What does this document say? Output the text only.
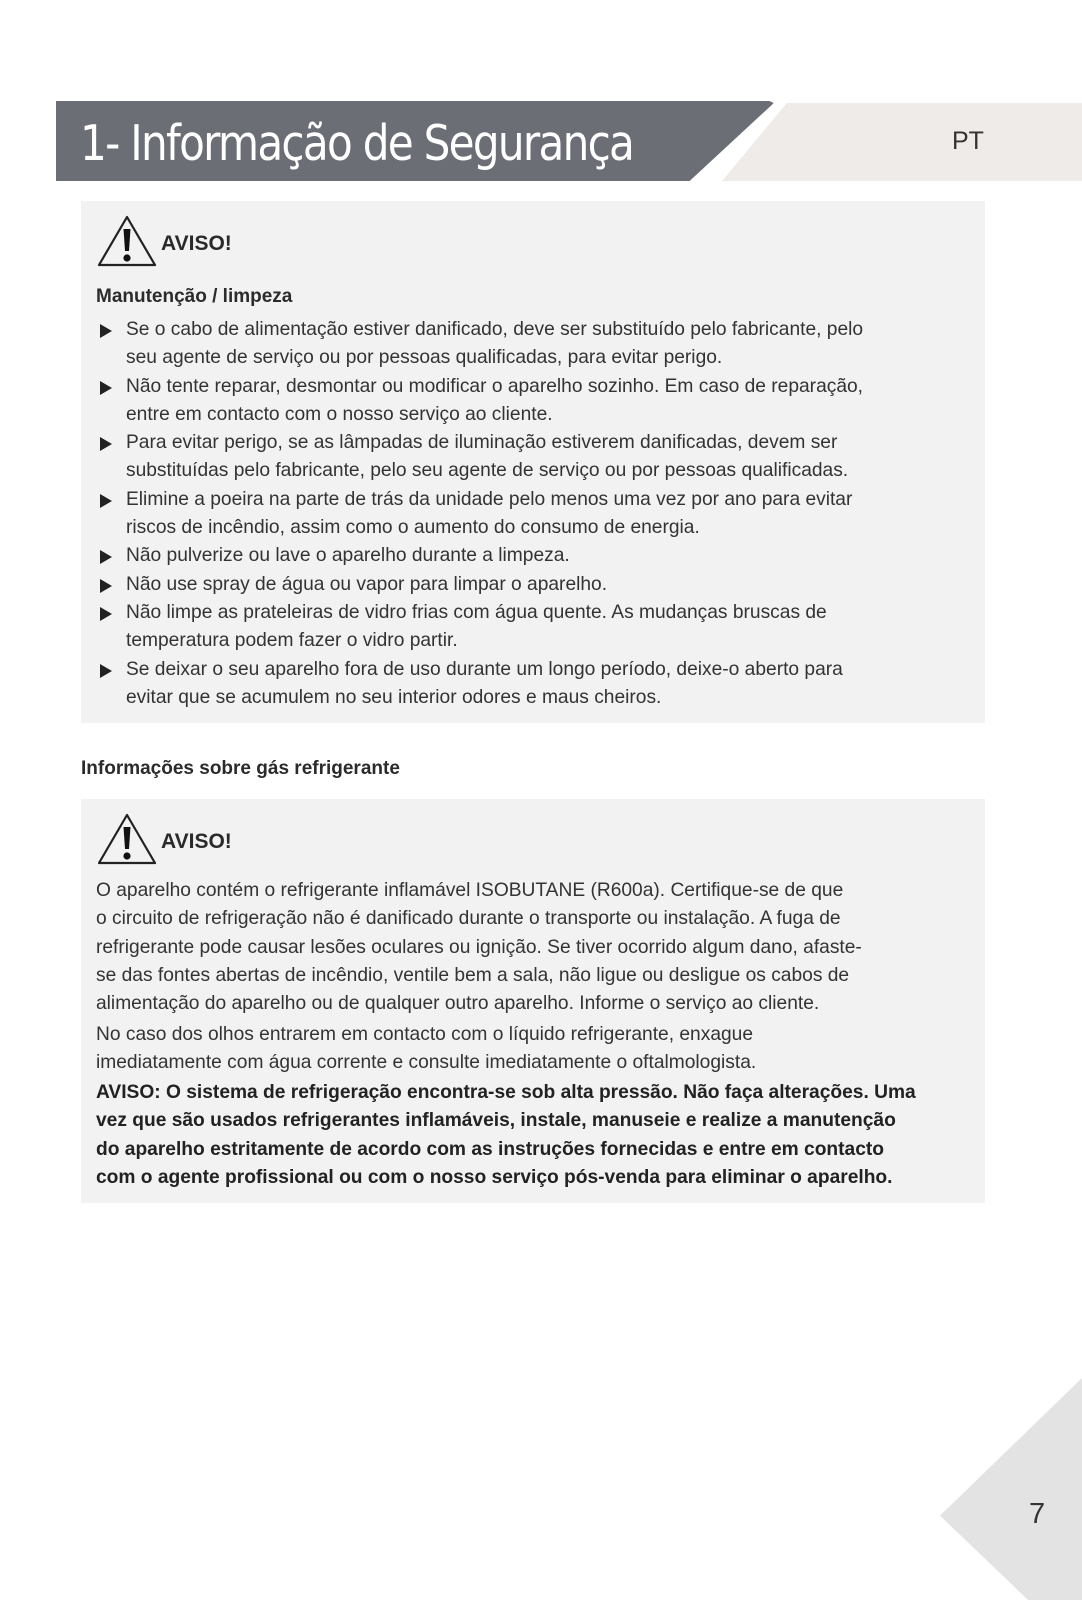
1- Informação de Segurança	PT
AVISO!
Manutenção / limpeza
Se o cabo de alimentação estiver danificado, deve ser substituído pelo fabricante, pelo
seu agente de serviço ou por pessoas qualificadas, para evitar perigo.
Não tente reparar, desmontar ou modificar o aparelho sozinho. Em caso de reparação,
entre em contacto com o nosso serviço ao cliente.
Para evitar perigo, se as lâmpadas de iluminação estiverem danificadas, devem ser
substituídas pelo fabricante, pelo seu agente de serviço ou por pessoas qualificadas.
Elimine a poeira na parte de trás da unidade pelo menos uma vez por ano para evitar
riscos de incêndio, assim como o aumento do consumo de energia.
Não pulverize ou lave o aparelho durante a limpeza.
Não use spray de água ou vapor para limpar o aparelho.
Não limpe as prateleiras de vidro frias com água quente. As mudanças bruscas de
temperatura podem fazer o vidro partir.
Se deixar o seu aparelho fora de uso durante um longo período, deixe-o aberto para
evitar que se acumulem no seu interior odores e maus cheiros.
Informações sobre gás refrigerante
AVISO!

O aparelho contém o refrigerante inflamável ISOBUTANE (R600a). Certifique-se de que
o circuito de refrigeração não é danificado durante o transporte ou instalação. A fuga de
refrigerante pode causar lesões oculares ou ignição. Se tiver ocorrido algum dano, afaste-
se das fontes abertas de incêndio, ventile bem a sala, não ligue ou desligue os cabos de
alimentação do aparelho ou de qualquer outro aparelho. Informe o serviço ao cliente.

No caso dos olhos entrarem em contacto com o líquido refrigerante, enxague
imediatamente com água corrente e consulte imediatamente o oftalmologista.

AVISO: O sistema de refrigeração encontra-se sob alta pressão. Não faça alterações. Uma
vez que são usados refrigerantes inflamáveis, instale, manuseie e realize a manutenção
do aparelho estritamente de acordo com as instruções fornecidas e entre em contacto
com o agente profissional ou com o nosso serviço pós-venda para eliminar o aparelho.

7
